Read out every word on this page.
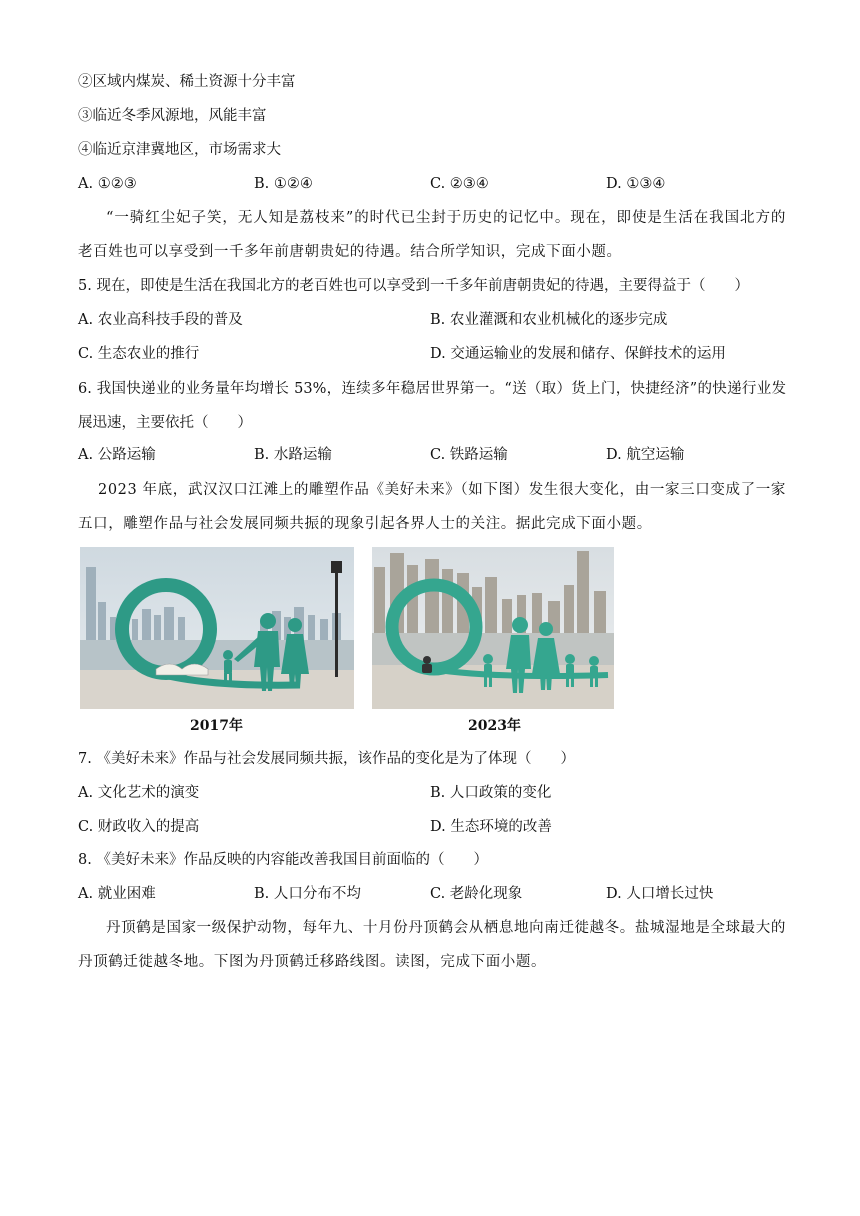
②区域内煤炭、稀土资源十分丰富
③临近冬季风源地，风能丰富
④临近京津冀地区，市场需求大
A. ①②③	B. ①②④	C. ②③④	D. ①③④
“一骑红尘妃子笑，无人知是荔枝来”的时代已尘封于历史的记忆中。现在，即使是生活在我国北方的老百姓也可以享受到一千多年前唐朝贵妃的待遇。结合所学知识，完成下面小题。
5. 现在，即使是生活在我国北方的老百姓也可以享受到一千多年前唐朝贵妃的待遇，主要得益于（　　）
A. 农业高科技手段的普及	B. 农业灌溉和农业机械化的逐步完成
C. 生态农业的推行	D. 交通运输业的发展和储存、保鲜技术的运用
6. 我国快递业的业务量年均增长 53%，连续多年稳居世界第一。“送（取）货上门，快捷经济”的快递行业发展迅速，主要依托（　　）
A. 公路运输	B. 水路运输	C. 铁路运输	D. 航空运输
2023 年底，武汉汉口江滩上的雕塑作品《美好未来》（如下图）发生很大变化，由一家三口变成了一家五口，雕塑作品与社会发展同频共振的现象引起各界人士的关注。据此完成下面小题。
2017年	2023年
7. 《美好未来》作品与社会发展同频共振，该作品的变化是为了体现（　　）
A. 文化艺术的演变	B. 人口政策的变化
C. 财政收入的提高	D. 生态环境的改善
8. 《美好未来》作品反映的内容能改善我国目前面临的（　　）
A. 就业困难	B. 人口分布不均	C. 老龄化现象	D. 人口增长过快
丹顶鹤是国家一级保护动物，每年九、十月份丹顶鹤会从栖息地向南迁徙越冬。盐城湿地是全球最大的丹顶鹤迁徙越冬地。下图为丹顶鹤迁移路线图。读图，完成下面小题。
